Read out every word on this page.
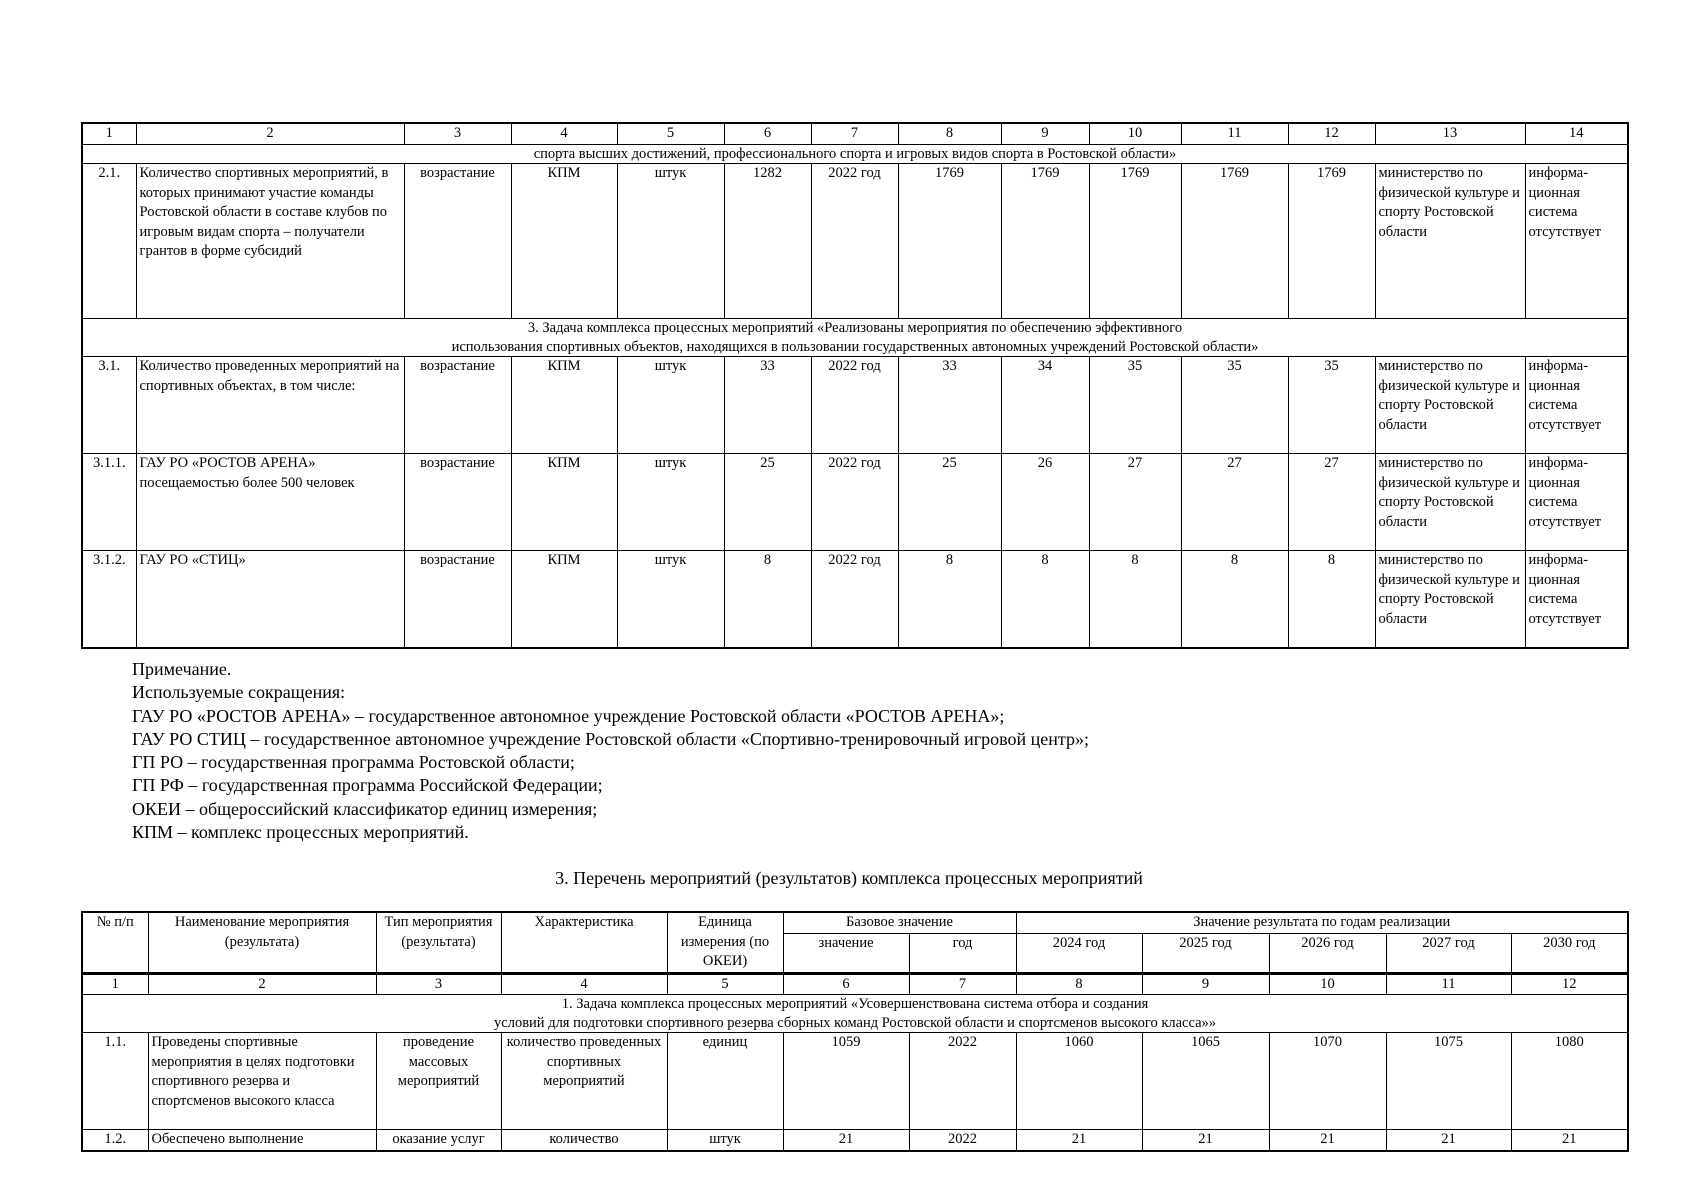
1	2	3	4	5	6	7	8	9	10	11	12	13	14
спорта высших достижений, профессионального спорта и игровых видов спорта в Ростовской области»													
2.1.	Количество спортивных мероприятий, в которых принимают участие команды Ростовской области в составе клубов по игровым видам спорта – получатели грантов в форме субсидий	возрастание	КПМ	штук	1282	2022 год	1769	1769	1769	1769	1769	министерство по физической культуре и спорту Ростовской области	информа-ционная система отсутствует

3. Задача комплекса процессных мероприятий «Реализованы мероприятия по обеспечению эффективного
использования спортивных объектов, находящихся в пользовании государственных автономных учреждений Ростовской области»													

3.1.	Количество проведенных мероприятий на спортивных объектах, в том числе:	возрастание	КПМ	штук	33	2022 год	33	34	35	35	35	министерство по физической культуре и спорту Ростовской области	информа-ционная система отсутствует
3.1.1.	ГАУ РО «РОСТОВ АРЕНА» посещаемостью более 500 человек	возрастание	КПМ	штук	25	2022 год	25	26	27	27	27	министерство по физической культуре и спорту Ростовской области	информа-ционная система отсутствует
3.1.2.	ГАУ РО «СТИЦ»	возрастание	КПМ	штук	8	2022 год	8	8	8	8	8	министерство по физической культуре и спорту Ростовской области	информа-ционная система отсутствует
Примечание.
Используемые сокращения:
ГАУ РО «РОСТОВ АРЕНА» – государственное автономное учреждение Ростовской области «РОСТОВ АРЕНА»;
ГАУ РО СТИЦ – государственное автономное учреждение Ростовской области «Спортивно-тренировочный игровой центр»;
ГП РО – государственная программа Ростовской области;
ГП РФ – государственная программа Российской Федерации;
ОКЕИ – общероссийский классификатор единиц измерения;
КПМ – комплекс процессных мероприятий.
3. Перечень мероприятий (результатов) комплекса процессных мероприятий
№ п/п	Наименование мероприятия (результата)	Тип мероприятия (результата)	Характеристика	Единица измерения (по ОКЕИ)	Базовое значение		Значение результата по годам реализации				
					значение	год	2024 год	2025 год	2026 год	2027 год	2030 год
1	2	3	4	5	6	7	8	9	10	11	12

1. Задача комплекса процессных мероприятий «Усовершенствована система отбора и создания
условий для подготовки спортивного резерва сборных команд Ростовской области и спортсменов высокого класса»»											

1.1.	Проведены спортивные мероприятия в целях подготовки спортивного резерва и спортсменов высокого класса	проведение массовых мероприятий	количество проведенных спортивных мероприятий	единиц	1059	2022	1060	1065	1070	1075	1080
1.2.	Обеспечено выполнение	оказание услуг	количество	штук	21	2022	21	21	21	21	21
